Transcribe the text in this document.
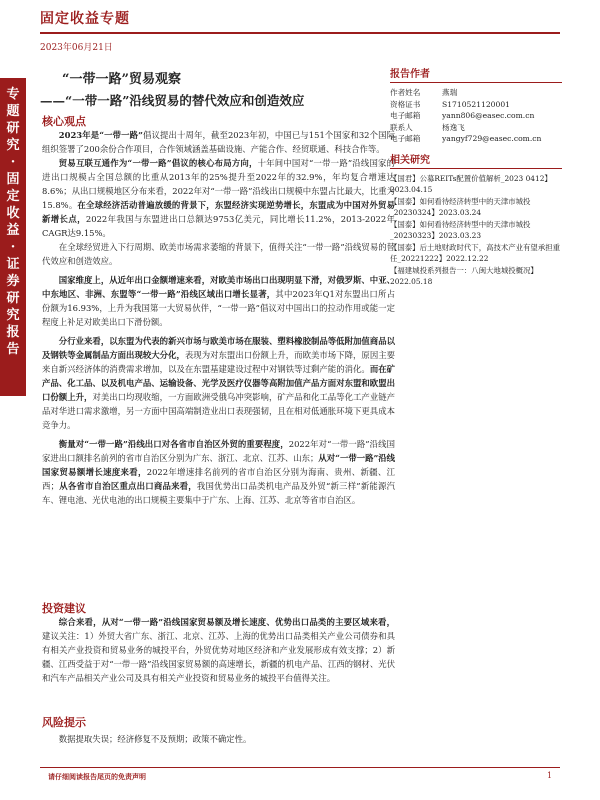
固定收益专题
2023年06月21日
专题研究·固定收益·证券研究报告
“一带一路”贸易观察
——“一带一路”沿线贸易的替代效应和创造效应
核心观点

2023年是“一带一路”倡议提出十周年，截至2023年初，中国已与151个国家和32个国际组织签署了200余份合作项目，合作领域涵盖基础设施、产能合作、经贸联通、科技合作等。

贸易互联互通作为“一带一路”倡议的核心布局方向，十年间中国对“一带一路”沿线国家的进出口规模占全国总额的比重从2013年的25%提升至2022年的32.9%，年均复合增速达8.6%；从出口规模地区分布来看，2022年对“一带一路”沿线出口规模中东盟占比最大，比重为15.8%。在全球经济活动普遍放缓的背景下，东盟经济实现逆势增长，东盟成为中国对外贸易新增长点，2022年我国与东盟进出口总额达9753亿美元，同比增长11.2%，2013-2022年CAGR达9.15%。

在全球经贸进入下行周期、欧美市场需求萎缩的背景下，值得关注“一带一路”沿线贸易的替代效应和创造效应。

国家维度上，从近年出口金额增速来看，对欧美市场出口出现明显下滑，对俄罗斯、中亚、中东地区、非洲、东盟等“一带一路”沿线区域出口增长显著，其中2023年Q1对东盟出口所占份额为16.93%，上升为我国第一大贸易伙伴，“一带一路”倡议对中国出口的拉动作用或能一定程度上补足对欧美出口下滑份额。

分行业来看，以东盟为代表的新兴市场与欧美市场在服装、塑料橡胶制品等低附加值商品以及钢铁等金属制品方面出现较大分化，表现为对东盟出口份额上升，而欧美市场下降，原因主要来自新兴经济体的消费需求增加，以及在东盟基建建设过程中对钢铁等过剩产能的消化。而在矿产品、化工品、以及机电产品、运输设备、光学及医疗仪器等高附加值产品方面对东盟和欧盟出口份额上升，对美出口均现收缩，一方面欧洲受俄乌冲突影响，矿产品和化工品等化工产业链产品对华进口需求激增，另一方面中国高端制造业出口表现强韧，且在相对低通胀环境下更具成本竞争力。

衡量对“一带一路”沿线出口对各省市自治区外贸的重要程度，2022年对“一带一路”沿线国家进出口额排名前列的省市自治区分别为广东、浙江、北京、江苏、山东；从对“一带一路”沿线国家贸易额增长速度来看，2022年增速排名前列的省市自治区分别为海南、贵州、新疆、江西；从各省市自治区重点出口商品来看，我国优势出口品类机电产品及外贸“新三样”新能源汽车、锂电池、光伏电池的出口规模主要集中于广东、上海、江苏、北京等省市自治区。

投资建议

综合来看，从对“一带一路”沿线国家贸易额及增长速度、优势出口品类的主要区域来看，建议关注：1）外贸大省广东、浙江、北京、江苏、上海的优势出口品类相关产业公司债券和具有相关产业投资和贸易业务的城投平台，外贸优势对地区经济和产业发展形成有效支撑；2）新疆、江西受益于对“一带一路”沿线国家贸易额的高速增长，新疆的机电产品、江西的钢材、光伏和汽车产品相关产业公司及具有相关产业投资和贸易业务的城投平台值得关注。

风险提示

数据提取失误；经济修复不及预期；政策不确定性。

报告作者
作者姓名	燕瑞
资格证书	S1710521120001
电子邮箱	yann806@easec.com.cn
联系人	杨逸飞
电子邮箱	yangyf729@easec.com.cn
相关研究
【国君】公募REITs配置价值解析_2023 0412】2023.04.15
【国泰】如何看待经济转型中的天津市城投_20230324】2023.03.24
【国泰】如何看待经济转型中的天津市城投_20230323】2023.03.23
【国泰】后土地财政时代下，高技术产业有望承担重任_20221222】2022.12.22
【福建城投系列报告一：八闽大地城投概况】2022.05.18
请仔细阅读报告尾页的免责声明	1
